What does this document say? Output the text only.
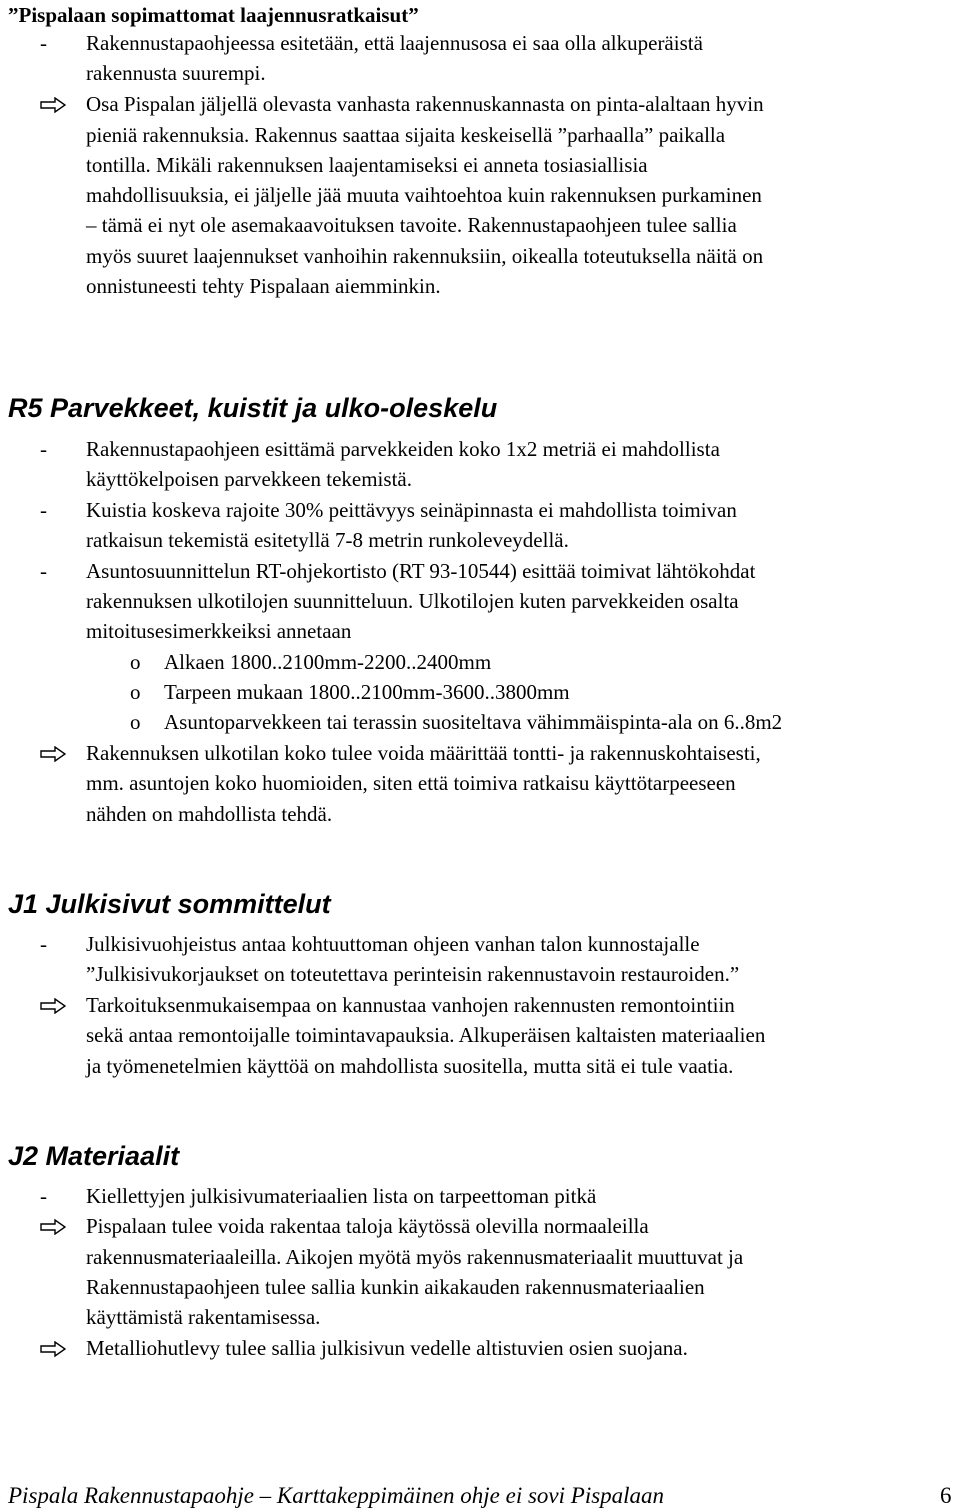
”Pispalaan sopimattomat laajennusratkaisut”
- Rakennustapaohjeessa esitetään, että laajennusosa ei saa olla alkuperäistä
rakennusta suurempi.
Osa Pispalan jäljellä olevasta vanhasta rakennuskannasta on pinta-alaltaan hyvin
pieniä rakennuksia. Rakennus saattaa sijaita keskeisellä ”parhaalla” paikalla
tontilla. Mikäli rakennuksen laajentamiseksi ei anneta tosiasiallisia
mahdollisuuksia, ei jäljelle jää muuta vaihtoehtoa kuin rakennuksen purkaminen
– tämä ei nyt ole asemakaavoituksen tavoite. Rakennustapaohjeen tulee sallia
myös suuret laajennukset vanhoihin rakennuksiin, oikealla toteutuksella näitä on
onnistuneesti tehty Pispalaan aiemminkin.
R5 Parvekkeet, kuistit ja ulko-oleskelu
- Rakennustapaohjeen esittämä parvekkeiden koko 1x2 metriä ei mahdollista
käyttökelpoisen parvekkeen tekemistä.
- Kuistia koskeva rajoite 30% peittävyys seinäpinnasta ei mahdollista toimivan
ratkaisun tekemistä esitetyllä 7-8 metrin runkoleveydellä.
- Asuntosuunnittelun RT-ohjekortisto (RT 93-10544) esittää toimivat lähtökohdat
rakennuksen ulkotilojen suunnitteluun. Ulkotilojen kuten parvekkeiden osalta
mitoitusesimerkkeiksi annetaan
o Alkaen 1800..2100mm-2200..2400mm
o Tarpeen mukaan 1800..2100mm-3600..3800mm
o Asuntoparvekkeen tai terassin suositeltava vähimmäispinta-ala on 6..8m2
Rakennuksen ulkotilan koko tulee voida määrittää tontti- ja rakennuskohtaisesti,
mm. asuntojen koko huomioiden, siten että toimiva ratkaisu käyttötarpeeseen
nähden on mahdollista tehdä.
J1 Julkisivut sommittelut
- Julkisivuohjeistus antaa kohtuuttoman ohjeen vanhan talon kunnostajalle
”Julkisivukorjaukset on toteutettava perinteisin rakennustavoin restauroiden.”
Tarkoituksenmukaisempaa on kannustaa vanhojen rakennusten remontointiin
sekä antaa remontoijalle toimintavapauksia. Alkuperäisen kaltaisten materiaalien
ja työmenetelmien käyttöä on mahdollista suositella, mutta sitä ei tule vaatia.
J2 Materiaalit
- Kiellettyjen julkisivumateriaalien lista on tarpeettoman pitkä
Pispalaan tulee voida rakentaa taloja käytössä olevilla normaaleilla
rakennusmateriaaleilla. Aikojen myötä myös rakennusmateriaalit muuttuvat ja
Rakennustapaohjeen tulee sallia kunkin aikakauden rakennusmateriaalien
käyttämistä rakentamisessa.
Metalliohutlevy tulee sallia julkisivun vedelle altistuvien osien suojana.
Pispala Rakennustapaohje – Karttakeppimäinen ohje ei sovi Pispalaan	6
